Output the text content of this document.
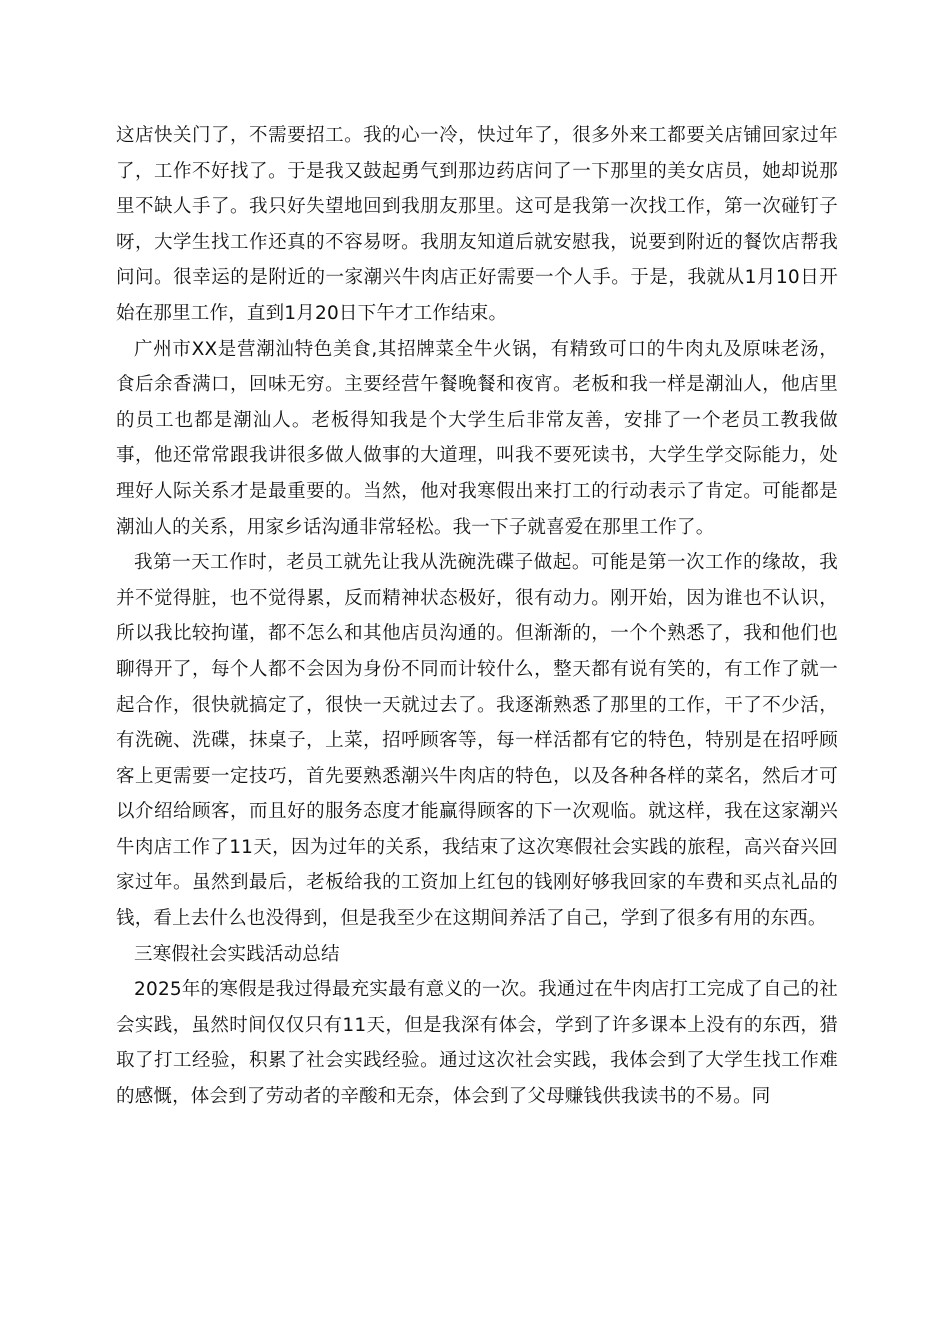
这店快关门了，不需要招工。我的心一冷，快过年了，很多外来工都要关店铺回家过年了，工作不好找了。于是我又鼓起勇气到那边药店问了一下那里的美女店员，她却说那里不缺人手了。我只好失望地回到我朋友那里。这可是我第一次找工作，第一次碰钉子呀，大学生找工作还真的不容易呀。我朋友知道后就安慰我，说要到附近的餐饮店帮我问问。很幸运的是附近的一家潮兴牛肉店正好需要一个人手。于是，我就从1月10日开始在那里工作，直到1月20日下午才工作结束。

广州市XX是营潮汕特色美食,其招牌菜全牛火锅，有精致可口的牛肉丸及原味老汤，食后余香满口，回味无穷。主要经营午餐晚餐和夜宵。老板和我一样是潮汕人，他店里的员工也都是潮汕人。老板得知我是个大学生后非常友善，安排了一个老员工教我做事，他还常常跟我讲很多做人做事的大道理，叫我不要死读书，大学生学交际能力，处理好人际关系才是最重要的。当然，他对我寒假出来打工的行动表示了肯定。可能都是潮汕人的关系，用家乡话沟通非常轻松。我一下子就喜爱在那里工作了。

我第一天工作时，老员工就先让我从洗碗洗碟子做起。可能是第一次工作的缘故，我并不觉得脏，也不觉得累，反而精神状态极好，很有动力。刚开始，因为谁也不认识，所以我比较拘谨，都不怎么和其他店员沟通的。但渐渐的，一个个熟悉了，我和他们也聊得开了，每个人都不会因为身份不同而计较什么，整天都有说有笑的，有工作了就一起合作，很快就搞定了，很快一天就过去了。我逐渐熟悉了那里的工作，干了不少活，有洗碗、洗碟，抹桌子，上菜，招呼顾客等，每一样活都有它的特色，特别是在招呼顾客上更需要一定技巧，首先要熟悉潮兴牛肉店的特色，以及各种各样的菜名，然后才可以介绍给顾客，而且好的服务态度才能赢得顾客的下一次观临。就这样，我在这家潮兴牛肉店工作了11天，因为过年的关系，我结束了这次寒假社会实践的旅程，高兴奋兴回家过年。虽然到最后，老板给我的工资加上红包的钱刚好够我回家的车费和买点礼品的钱，看上去什么也没得到，但是我至少在这期间养活了自己，学到了很多有用的东西。

三寒假社会实践活动总结

2025年的寒假是我过得最充实最有意义的一次。我通过在牛肉店打工完成了自己的社会实践，虽然时间仅仅只有11天，但是我深有体会，学到了许多课本上没有的东西，猎取了打工经验，积累了社会实践经验。通过这次社会实践，我体会到了大学生找工作难的感慨，体会到了劳动者的辛酸和无奈，体会到了父母赚钱供我读书的不易。同
